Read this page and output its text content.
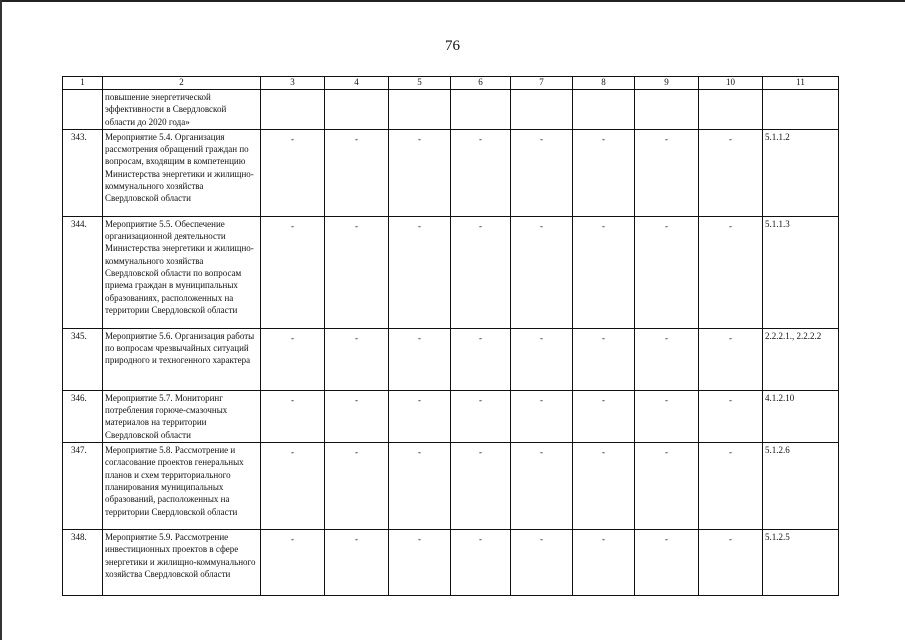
76
1	2	3	4	5	6	7	8	9	10	11
	повышение энергетической эффективности в Свердловской области до 2020 года»									
343.	Мероприятие 5.4. Организация рассмотрения обращений граждан по вопросам, входящим в компетенцию Министерства энергетики и жилищно-коммунального хозяйства Свердловской области	-	-	-	-	-	-	-	-	5.1.1.2
344.	Мероприятие 5.5. Обеспечение организационной деятельности Министерства энергетики и жилищно-коммунального хозяйства Свердловской области по вопросам приема граждан в муниципальных образованиях, расположенных на территории Свердловской области	-	-	-	-	-	-	-	-	5.1.1.3
345.	Мероприятие 5.6. Организация работы по вопросам чрезвычайных ситуаций природного и техногенного характера	-	-	-	-	-	-	-	-	2.2.2.1., 2.2.2.2
346.	Мероприятие 5.7. Мониторинг потребления горюче-смазочных материалов на территории Свердловской области	-	-	-	-	-	-	-	-	4.1.2.10
347.	Мероприятие 5.8. Рассмотрение и согласование проектов генеральных планов и схем территориального планирования муниципальных образований, расположенных на территории Свердловской области	-	-	-	-	-	-	-	-	5.1.2.6
348.	Мероприятие 5.9. Рассмотрение инвестиционных проектов в сфере энергетики и жилищно-коммунального хозяйства Свердловской области	-	-	-	-	-	-	-	-	5.1.2.5
